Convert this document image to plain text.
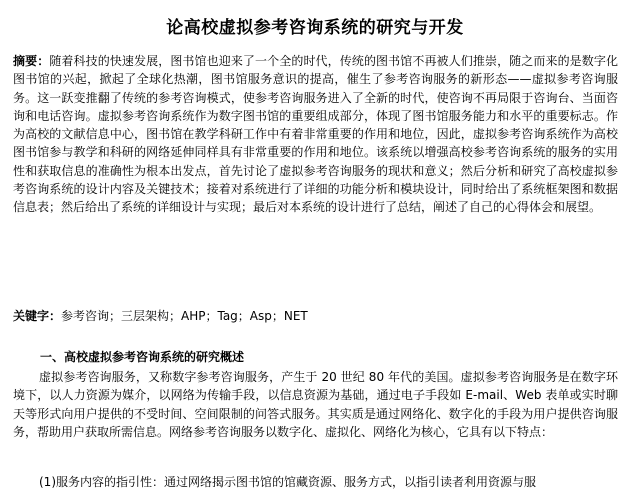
论高校虚拟参考咨询系统的研究与开发

摘要：随着科技的快速发展，图书馆也迎来了一个全的时代，传统的图书馆不再被人们推崇，随之而来的是数字化图书馆的兴起，掀起了全球化热潮，图书馆服务意识的提高，催生了参考咨询服务的新形态——虚拟参考咨询服务。这一跃变推翻了传统的参考咨询模式，使参考咨询服务进入了全新的时代，使咨询不再局限于咨询台、当面咨询和电话咨询。虚拟参考咨询系统作为数字图书馆的重要组成部分，体现了图书馆服务能力和水平的重要标志。作为高校的文献信息中心，图书馆在教学科研工作中有着非常重要的作用和地位，因此，虚拟参考咨询系统作为高校图书馆参与教学和科研的网络延伸同样具有非常重要的作用和地位。该系统以增强高校参考咨询系统的服务的实用性和获取信息的准确性为根本出发点，首先讨论了虚拟参考咨询服务的现状和意义；然后分析和研究了高校虚拟参考咨询系统的设计内容及关键技术；接着对系统进行了详细的功能分析和模块设计，同时给出了系统框架图和数据信息表；然后给出了系统的详细设计与实现；最后对本系统的设计进行了总结，阐述了自己的心得体会和展望。

关键字：参考咨询；三层架构；AHP；Tag；Asp；NET

一、高校虚拟参考咨询系统的研究概述

虚拟参考咨询服务，又称数字参考咨询服务，产生于 20 世纪 80 年代的美国。虚拟参考咨询服务是在数字环境下，以人力资源为媒介，以网络为传输手段，以信息资源为基础，通过电子手段如 E-mail、Web 表单或实时聊天等形式向用户提供的不受时间、空间限制的问答式服务。其实质是通过网络化、数字化的手段为用户提供咨询服务，帮助用户获取所需信息。网络参考咨询服务以数字化、虚拟化、网络化为核心，它具有以下特点：

(1)服务内容的指引性：通过网络揭示图书馆的馆藏资源、服务方式，以指引读者利用资源与服
